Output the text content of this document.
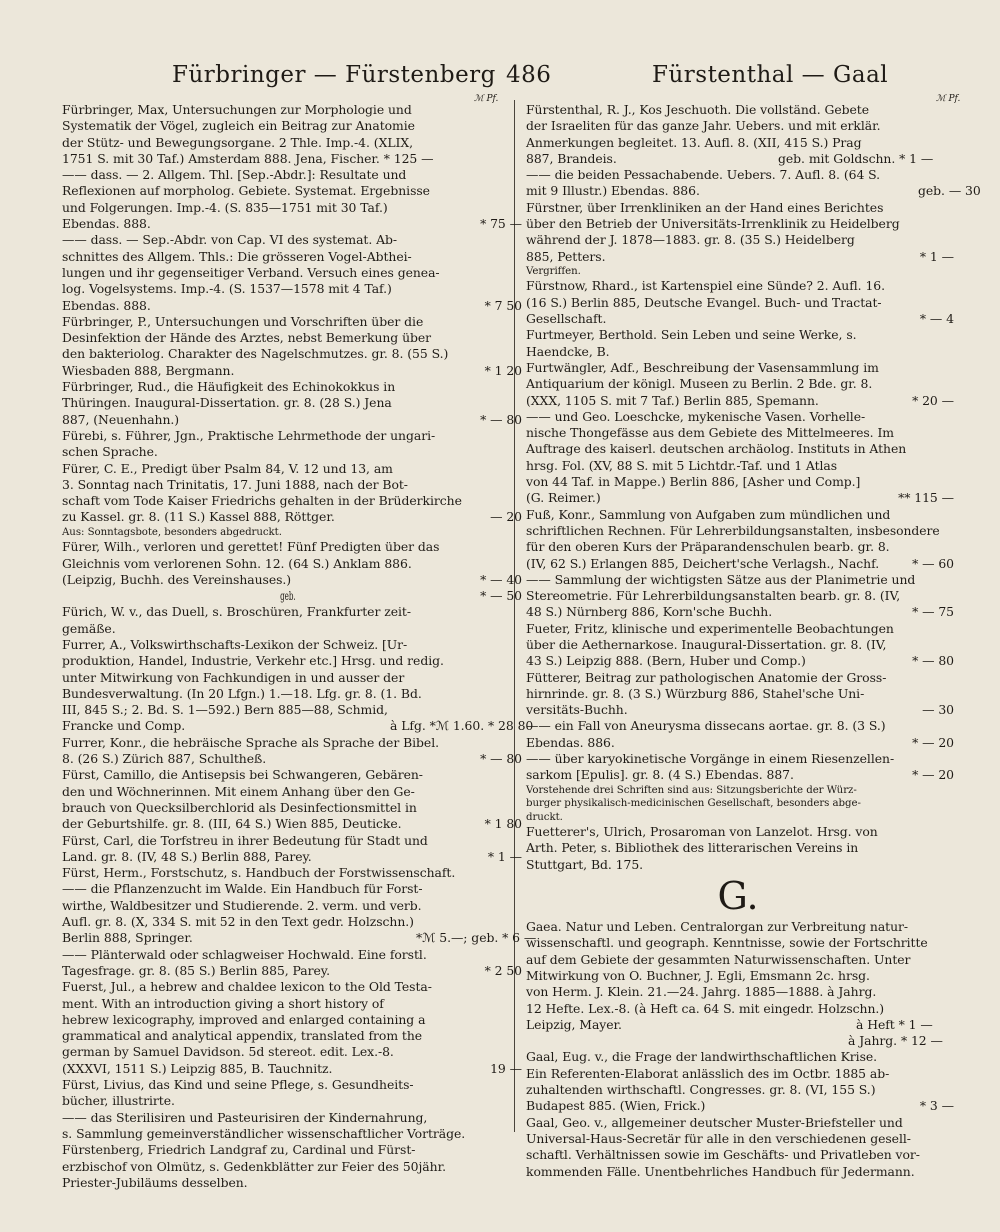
Fürbringer — Fürstenberg 486	Fürstenthal — Gaal
ℳ Pf.	ℳ Pf.
Fürbringer, Max, Untersuchungen zur Morphologie und
Systematik der Vögel, zugleich ein Beitrag zur Anatomie
der Stütz- und Bewegungsorgane. 2 Thle. Imp.-4. (XLIX,
1751 S. mit 30 Taf.) Amsterdam 888. Jena, Fischer. * 125 —
—— dass. — 2. Allgem. Thl. [Sep.-Abdr.]: Resultate und
Reflexionen auf morpholog. Gebiete. Systemat. Ergebnisse
und Folgerungen. Imp.-4. (S. 835—1751 mit 30 Taf.)
Ebendas. 888.	* 75 —
—— dass. — Sep.-Abdr. von Cap. VI des systemat. Ab-
schnittes des Allgem. Thls.: Die grösseren Vogel-Abthei-
lungen und ihr gegenseitiger Verband. Versuch eines genea-
log. Vogelsystems. Imp.-4. (S. 1537—1578 mit 4 Taf.)
Ebendas. 888.	* 7 50
Fürbringer, P., Untersuchungen und Vorschriften über die
Desinfektion der Hände des Arztes, nebst Bemerkung über
den bakteriolog. Charakter des Nagelschmutzes. gr. 8. (55 S.)
Wiesbaden 888, Bergmann.	* 1 20
Fürbringer, Rud., die Häufigkeit des Echinokokkus in
Thüringen. Inaugural-Dissertation. gr. 8. (28 S.) Jena
887, (Neuenhahn.)	* — 80
Fürebi, s. Führer, Jgn., Praktische Lehrmethode der ungari-
schen Sprache.
Fürer, C. E., Predigt über Psalm 84, V. 12 und 13, am
3. Sonntag nach Trinitatis, 17. Juni 1888, nach der Bot-
schaft vom Tode Kaiser Friedrichs gehalten in der Brüderkirche
zu Kassel. gr. 8. (11 S.) Kassel 888, Röttger.	— 20
Aus: Sonntagsbote, besonders abgedruckt.
Fürer, Wilh., verloren und gerettet! Fünf Predigten über das
Gleichnis vom verlorenen Sohn. 12. (64 S.) Anklam 886.
(Leipzig, Buchh. des Vereinshauses.)	* — 40
geb.	* — 50
Fürich, W. v., das Duell, s. Broschüren, Frankfurter zeit-
gemäße.
Furrer, A., Volkswirthschafts-Lexikon der Schweiz. [Ur-
produktion, Handel, Industrie, Verkehr etc.] Hrsg. und redig.
unter Mitwirkung von Fachkundigen in und ausser der
Bundesverwaltung. (In 20 Lfgn.) 1.—18. Lfg. gr. 8. (1. Bd.
III, 845 S.; 2. Bd. S. 1—592.) Bern 885—88, Schmid,
Francke und Comp.	à Lfg. *ℳ 1.60. * 28 80
Furrer, Konr., die hebräische Sprache als Sprache der Bibel.
8. (26 S.) Zürich 887, Schultheß.	* — 80
Fürst, Camillo, die Antisepsis bei Schwangeren, Gebären-
den und Wöchnerinnen. Mit einem Anhang über den Ge-
brauch von Quecksilberchlorid als Desinfectionsmittel in
der Geburtshilfe. gr. 8. (III, 64 S.) Wien 885, Deuticke.	* 1 80
Fürst, Carl, die Torfstreu in ihrer Bedeutung für Stadt und
Land. gr. 8. (IV, 48 S.) Berlin 888, Parey.	* 1 —
Fürst, Herm., Forstschutz, s. Handbuch der Forstwissenschaft.
—— die Pflanzenzucht im Walde. Ein Handbuch für Forst-
wirthe, Waldbesitzer und Studierende. 2. verm. und verb.
Aufl. gr. 8. (X, 334 S. mit 52 in den Text gedr. Holzschn.)
Berlin 888, Springer.	*ℳ 5.—; geb. * 6 —
—— Plänterwald oder schlagweiser Hochwald. Eine forstl.
Tagesfrage. gr. 8. (85 S.) Berlin 885, Parey.	* 2 50
Fuerst, Jul., a hebrew and chaldee lexicon to the Old Testa-
ment. With an introduction giving a short history of
hebrew lexicography, improved and enlarged containing a
grammatical and analytical appendix, translated from the
german by Samuel Davidson. 5d stereot. edit. Lex.-8.
(XXXVI, 1511 S.) Leipzig 885, B. Tauchnitz.	19 —
Fürst, Livius, das Kind und seine Pflege, s. Gesundheits-
bücher, illustrirte.
—— das Sterilisiren und Pasteurisiren der Kindernahrung,
s. Sammlung gemeinverständlicher wissenschaftlicher Vorträge.
Fürstenberg, Friedrich Landgraf zu, Cardinal und Fürst-
erzbischof von Olmütz, s. Gedenkblätter zur Feier des 50jähr.
Priester-Jubiläums desselben.
Fürstenthal, R. J., Kos Jeschuoth. Die vollständ. Gebete
der Israeliten für das ganze Jahr. Uebers. und mit erklär.
Anmerkungen begleitet. 13. Aufl. 8. (XII, 415 S.) Prag
887, Brandeis.	geb. mit Goldschn. * 1 —
—— die beiden Pessachabende. Uebers. 7. Aufl. 8. (64 S.
mit 9 Illustr.) Ebendas. 886.	geb. — 30
Fürstner, über Irrenkliniken an der Hand eines Berichtes
über den Betrieb der Universitäts-Irrenklinik zu Heidelberg
während der J. 1878—1883. gr. 8. (35 S.) Heidelberg
885, Petters.	* 1 —
Vergriffen.
Fürstnow, Rhard., ist Kartenspiel eine Sünde? 2. Aufl. 16.
(16 S.) Berlin 885, Deutsche Evangel. Buch- und Tractat-
Gesellschaft.	* — 4
Furtmeyer, Berthold. Sein Leben und seine Werke, s.
Haendcke, B.
Furtwängler, Adf., Beschreibung der Vasensammlung im
Antiquarium der königl. Museen zu Berlin. 2 Bde. gr. 8.
(XXX, 1105 S. mit 7 Taf.) Berlin 885, Spemann.	* 20 —
—— und Geo. Loeschcke, mykenische Vasen. Vorhelle-
nische Thongefässe aus dem Gebiete des Mittelmeeres. Im
Auftrage des kaiserl. deutschen archäolog. Instituts in Athen
hrsg. Fol. (XV, 88 S. mit 5 Lichtdr.-Taf. und 1 Atlas
von 44 Taf. in Mappe.) Berlin 886, [Asher und Comp.]
(G. Reimer.)	** 115 —
Fuß, Konr., Sammlung von Aufgaben zum mündlichen und
schriftlichen Rechnen. Für Lehrerbildungsanstalten, insbesondere
für den oberen Kurs der Präparandenschulen bearb. gr. 8.
(IV, 62 S.) Erlangen 885, Deichert'sche Verlagsh., Nachf.	* — 60
—— Sammlung der wichtigsten Sätze aus der Planimetrie und
Stereometrie. Für Lehrerbildungsanstalten bearb. gr. 8. (IV,
48 S.) Nürnberg 886, Korn'sche Buchh.	* — 75
Fueter, Fritz, klinische und experimentelle Beobachtungen
über die Aethernarkose. Inaugural-Dissertation. gr. 8. (IV,
43 S.) Leipzig 888. (Bern, Huber und Comp.)	* — 80
Fütterer, Beitrag zur pathologischen Anatomie der Gross-
hirnrinde. gr. 8. (3 S.) Würzburg 886, Stahel'sche Uni-
versitäts-Buchh.	— 30
—— ein Fall von Aneurysma dissecans aortae. gr. 8. (3 S.)
Ebendas. 886.	* — 20
—— über karyokinetische Vorgänge in einem Riesenzellen-
sarkom [Epulis]. gr. 8. (4 S.) Ebendas. 887.	* — 20
Vorstehende drei Schriften sind aus: Sitzungsberichte der Würz-
burger physikalisch-medicinischen Gesellschaft, besonders abge-
druckt.
Fuetterer's, Ulrich, Prosaroman von Lanzelot. Hrsg. von
Arth. Peter, s. Bibliothek des litterarischen Vereins in
Stuttgart, Bd. 175.
G.
Gaea. Natur und Leben. Centralorgan zur Verbreitung natur-
wissenschaftl. und geograph. Kenntnisse, sowie der Fortschritte
auf dem Gebiete der gesammten Naturwissenschaften. Unter
Mitwirkung von O. Buchner, J. Egli, Emsmann 2c. hrsg.
von Herm. J. Klein. 21.—24. Jahrg. 1885—1888. à Jahrg.
12 Hefte. Lex.-8. (à Heft ca. 64 S. mit eingedr. Holzschn.)
Leipzig, Mayer.	à Heft * 1 —
à Jahrg. * 12 —
Gaal, Eug. v., die Frage der landwirthschaftlichen Krise.
Ein Referenten-Elaborat anlässlich des im Octbr. 1885 ab-
zuhaltenden wirthschaftl. Congresses. gr. 8. (VI, 155 S.)
Budapest 885. (Wien, Frick.)	* 3 —
Gaal, Geo. v., allgemeiner deutscher Muster-Briefsteller und
Universal-Haus-Secretär für alle in den verschiedenen gesell-
schaftl. Verhältnissen sowie im Geschäfts- und Privatleben vor-
kommenden Fälle. Unentbehrliches Handbuch für Jedermann.
